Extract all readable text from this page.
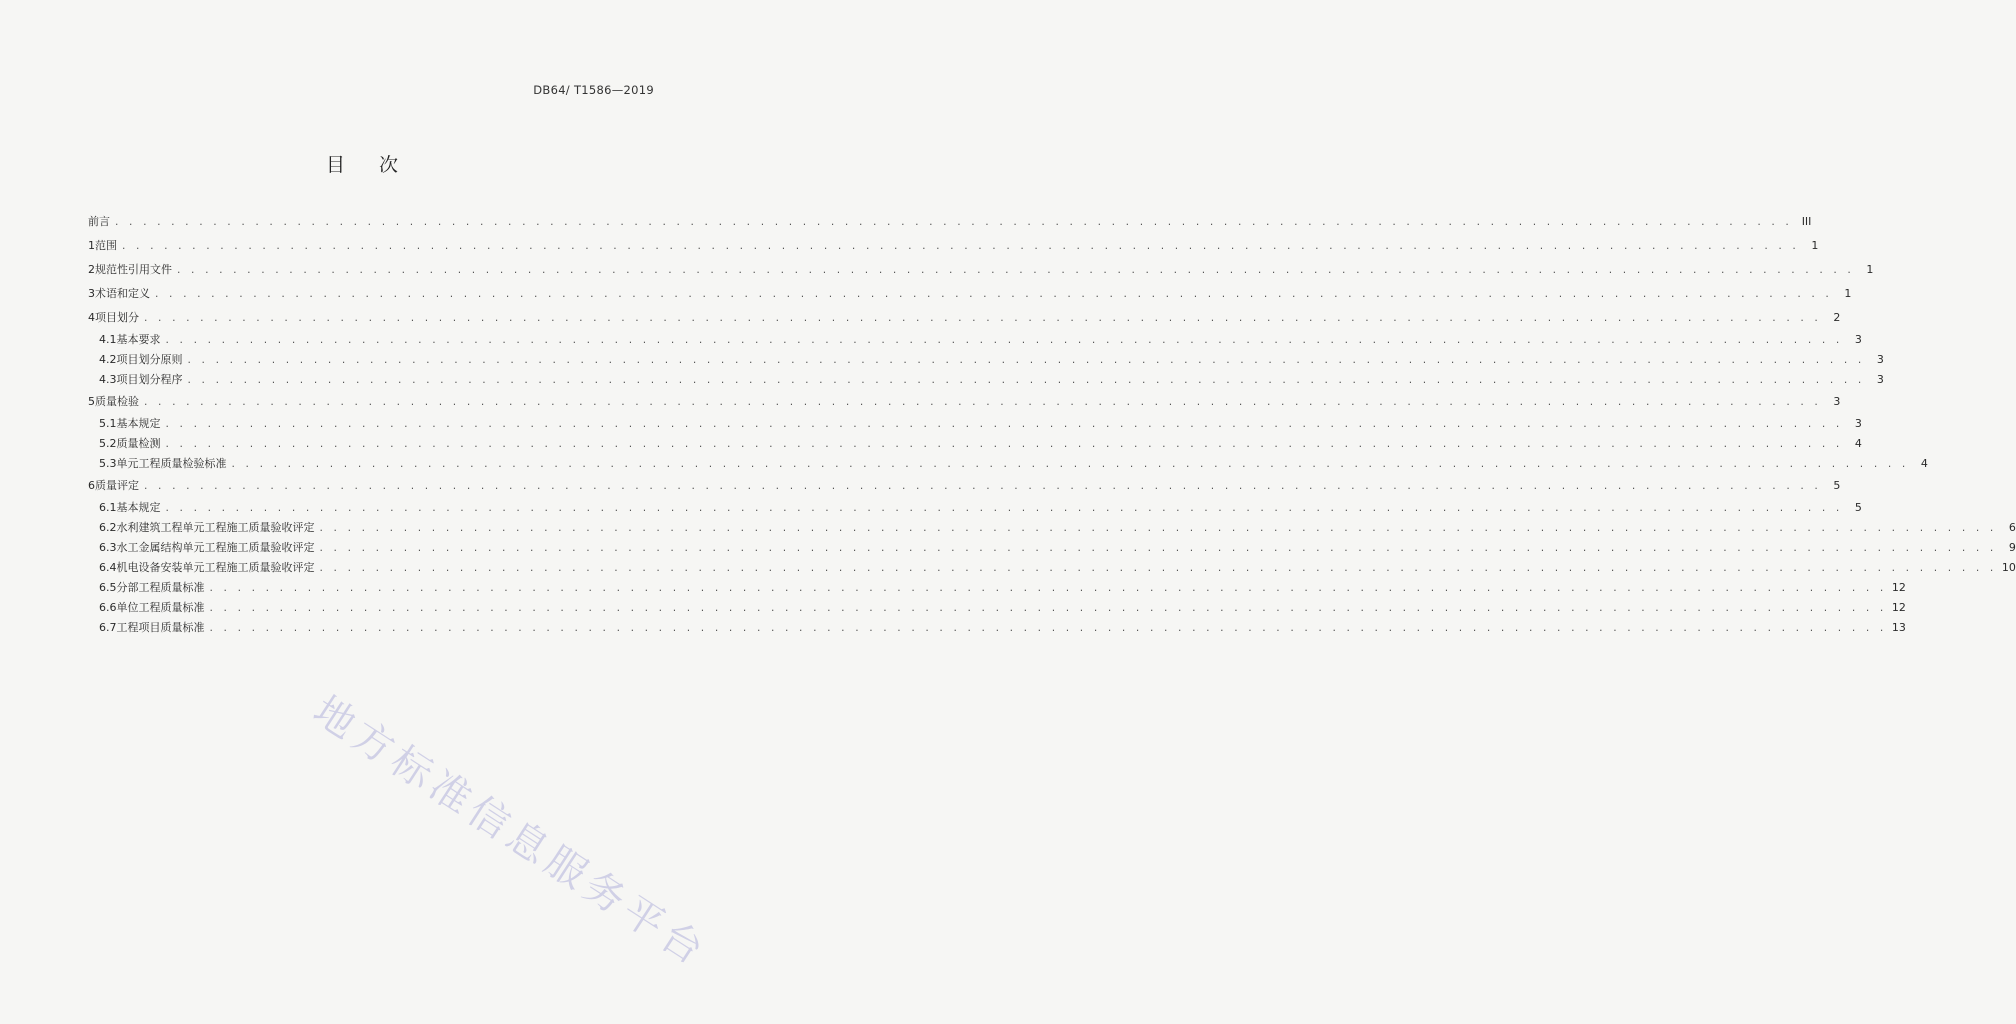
DB64/ T1586—2019
目 次
前言 . . . . . . . . . . . . . . . . . . . . . . . . . . . . . . . . . . . . . . . . . . . . . . . . . . . . . . . . . . . . . . . . . . . . . . . . . . . . . . . . . . . . . . . . . . . . . . . . . . . . . . . . . . . . . . . . . . . . . . . . III
1 范围 . . . . . . . . . . . . . . . . . . . . . . . . . . . . . . . . . . . . . . . . . . . . . . . . . . . . . . . . . . . . . . . . . . . . . . . . . . . . . . . . . . . . . . . . . . . . . . . . . . . . . . . . . . . . . . . . . . . . . . . .	1
2 规范性引用文件 . . . . . . . . . . . . . . . . . . . . . . . . . . . . . . . . . . . . . . . . . . . . . . . . . . . . . . . . . . . . . . . . . . . . . . . . . . . . . . . . . . . . . . . . . . . . . . . . . . . . . . . . . . . . . . . . . . . . . . . .	1
3 术语和定义 . . . . . . . . . . . . . . . . . . . . . . . . . . . . . . . . . . . . . . . . . . . . . . . . . . . . . . . . . . . . . . . . . . . . . . . . . . . . . . . . . . . . . . . . . . . . . . . . . . . . . . . . . . . . . . . . . . . . . . . .	1
4 项目划分 . . . . . . . . . . . . . . . . . . . . . . . . . . . . . . . . . . . . . . . . . . . . . . . . . . . . . . . . . . . . . . . . . . . . . . . . . . . . . . . . . . . . . . . . . . . . . . . . . . . . . . . . . . . . . . . . . . . . . . . .	2
4.1 基本要求 . . . . . . . . . . . . . . . . . . . . . . . . . . . . . . . . . . . . . . . . . . . . . . . . . . . . . . . . . . . . . . . . . . . . . . . . . . . . . . . . . . . . . . . . . . . . . . . . . . . . . . . . . . . . . . . . . . . . . . . .	3
4.2 项目划分原则 . . . . . . . . . . . . . . . . . . . . . . . . . . . . . . . . . . . . . . . . . . . . . . . . . . . . . . . . . . . . . . . . . . . . . . . . . . . . . . . . . . . . . . . . . . . . . . . . . . . . . . . . . . . . . . . . . . . . . . . .	3
4.3 项目划分程序 . . . . . . . . . . . . . . . . . . . . . . . . . . . . . . . . . . . . . . . . . . . . . . . . . . . . . . . . . . . . . . . . . . . . . . . . . . . . . . . . . . . . . . . . . . . . . . . . . . . . . . . . . . . . . . . . . . . . . . . .	3
5 质量检验 . . . . . . . . . . . . . . . . . . . . . . . . . . . . . . . . . . . . . . . . . . . . . . . . . . . . . . . . . . . . . . . . . . . . . . . . . . . . . . . . . . . . . . . . . . . . . . . . . . . . . . . . . . . . . . . . . . . . . . . .	3
5.1 基本规定 . . . . . . . . . . . . . . . . . . . . . . . . . . . . . . . . . . . . . . . . . . . . . . . . . . . . . . . . . . . . . . . . . . . . . . . . . . . . . . . . . . . . . . . . . . . . . . . . . . . . . . . . . . . . . . . . . . . . . . . .	3
5.2 质量检测 . . . . . . . . . . . . . . . . . . . . . . . . . . . . . . . . . . . . . . . . . . . . . . . . . . . . . . . . . . . . . . . . . . . . . . . . . . . . . . . . . . . . . . . . . . . . . . . . . . . . . . . . . . . . . . . . . . . . . . . .	4
5.3 单元工程质量检验标准 . . . . . . . . . . . . . . . . . . . . . . . . . . . . . . . . . . . . . . . . . . . . . . . . . . . . . . . . . . . . . . . . . . . . . . . . . . . . . . . . . . . . . . . . . . . . . . . . . . . . . . . . . . . . . . . . . . . . . . . .	4
6 质量评定 . . . . . . . . . . . . . . . . . . . . . . . . . . . . . . . . . . . . . . . . . . . . . . . . . . . . . . . . . . . . . . . . . . . . . . . . . . . . . . . . . . . . . . . . . . . . . . . . . . . . . . . . . . . . . . . . . . . . . . . .	5
6.1 基本规定 . . . . . . . . . . . . . . . . . . . . . . . . . . . . . . . . . . . . . . . . . . . . . . . . . . . . . . . . . . . . . . . . . . . . . . . . . . . . . . . . . . . . . . . . . . . . . . . . . . . . . . . . . . . . . . . . . . . . . . . .	5
6.2 水利建筑工程单元工程施工质量验收评定 . . . . . . . . . . . . . . . . . . . . . . . . . . . . . . . . . . . . . . . . . . . . . . . . . . . . . . . . . . . . . . . . . . . . . . . . . . . . . . . . . . . . . . . . . . . . . . . . . . . . . . . . . . . . . . . . . . . . . . . .	6
6.3 水工金属结构单元工程施工质量验收评定 . . . . . . . . . . . . . . . . . . . . . . . . . . . . . . . . . . . . . . . . . . . . . . . . . . . . . . . . . . . . . . . . . . . . . . . . . . . . . . . . . . . . . . . . . . . . . . . . . . . . . . . . . . . . . . . . . . . . . . . .	9
6.4 机电设备安装单元工程施工质量验收评定 . . . . . . . . . . . . . . . . . . . . . . . . . . . . . . . . . . . . . . . . . . . . . . . . . . . . . . . . . . . . . . . . . . . . . . . . . . . . . . . . . . . . . . . . . . . . . . . . . . . . . . . . . . . . . . . . . . . . . . . . 10
6.5 分部工程质量标准 . . . . . . . . . . . . . . . . . . . . . . . . . . . . . . . . . . . . . . . . . . . . . . . . . . . . . . . . . . . . . . . . . . . . . . . . . . . . . . . . . . . . . . . . . . . . . . . . . . . . . . . . . . . . . . . . . . . . . . . . 12
6.6 单位工程质量标准 . . . . . . . . . . . . . . . . . . . . . . . . . . . . . . . . . . . . . . . . . . . . . . . . . . . . . . . . . . . . . . . . . . . . . . . . . . . . . . . . . . . . . . . . . . . . . . . . . . . . . . . . . . . . . . . . . . . . . . . . 12
6.7 工程项目质量标准 . . . . . . . . . . . . . . . . . . . . . . . . . . . . . . . . . . . . . . . . . . . . . . . . . . . . . . . . . . . . . . . . . . . . . . . . . . . . . . . . . . . . . . . . . . . . . . . . . . . . . . . . . . . . . . . . . . . . . . . . 13
地方标准信息服务平台
